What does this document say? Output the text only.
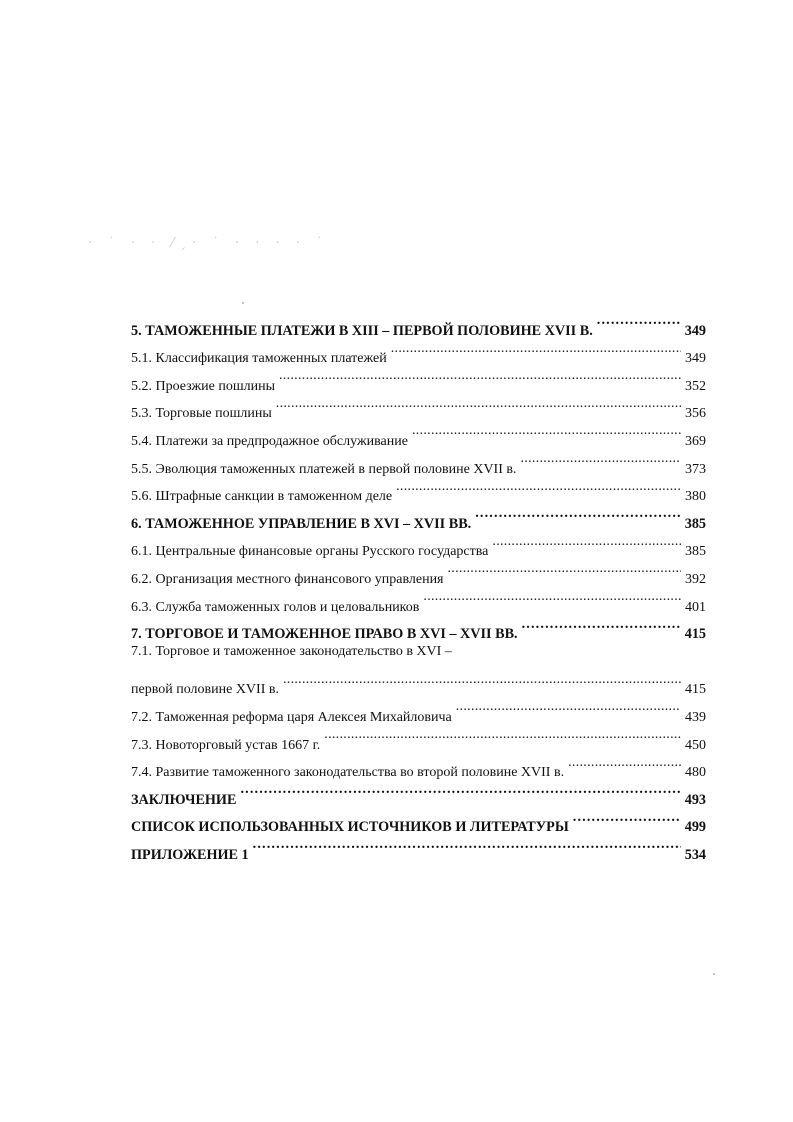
· ˙ · · ⁄ˏ· ˙ · · · · ˙
5. ТАМОЖЕННЫЕ ПЛАТЕЖИ В XIII – ПЕРВОЙ ПОЛОВИНЕ XVII В. . . .	349
5.1. Классификация таможенных платежей . . .	349
5.2. Проезжие пошлины . . .	352
5.3. Торговые пошлины . . .	356
5.4. Платежи за предпродажное обслуживание . . .	369
5.5. Эволюция таможенных платежей в первой половине XVII в. . . .	373
5.6. Штрафные санкции в таможенном деле . . .	380
6. ТАМОЖЕННОЕ УПРАВЛЕНИЕ В XVI – XVII ВВ. . . .	385
6.1. Центральные финансовые органы Русского государства . . .	385
6.2. Организация местного финансового управления . . .	392
6.3. Служба таможенных голов и целовальников . . .	401
7. ТОРГОВОЕ И ТАМОЖЕННОЕ ПРАВО В XVI – XVII ВВ. . . .	415
7.1. Торговое и таможенное законодательство в XVI –
первой половине XVII в. . . .	415
7.2. Таможенная реформа царя Алексея Михайловича . . .	439
7.3. Новоторговый устав 1667 г. . . .	450
7.4. Развитие таможенного законодательства во второй половине XVII в. . . .	480
ЗАКЛЮЧЕНИЕ . . .	493
СПИСОК ИСПОЛЬЗОВАННЫХ ИСТОЧНИКОВ И ЛИТЕРАТУРЫ . . .	499
ПРИЛОЖЕНИЕ 1 . . .	534
